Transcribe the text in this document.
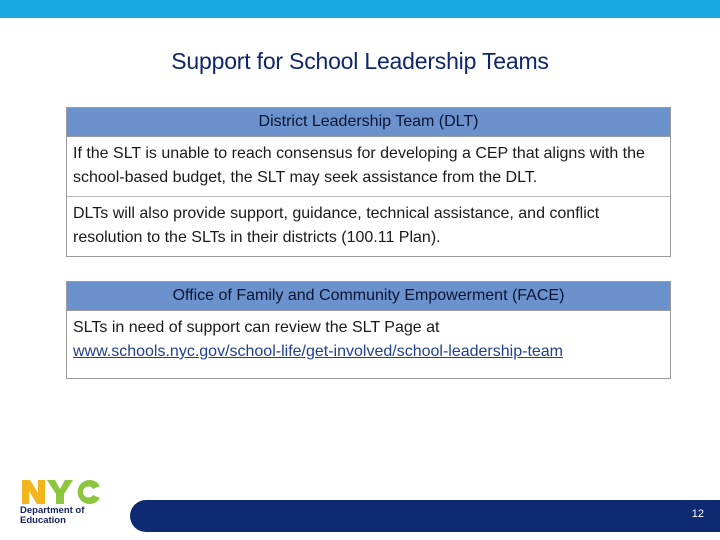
Support for School Leadership Teams
District Leadership Team (DLT)
If the SLT is unable to reach consensus for developing a CEP that aligns with the school-based budget, the SLT may seek assistance from the DLT.
DLTs will also provide support, guidance, technical assistance, and conflict resolution to the SLTs in their districts (100.11 Plan).
Office of Family and Community Empowerment (FACE)
SLTs in need of support can review the SLT Page at
www.schools.nyc.gov/school-life/get-involved/school-leadership-team
Department of
Education
12
